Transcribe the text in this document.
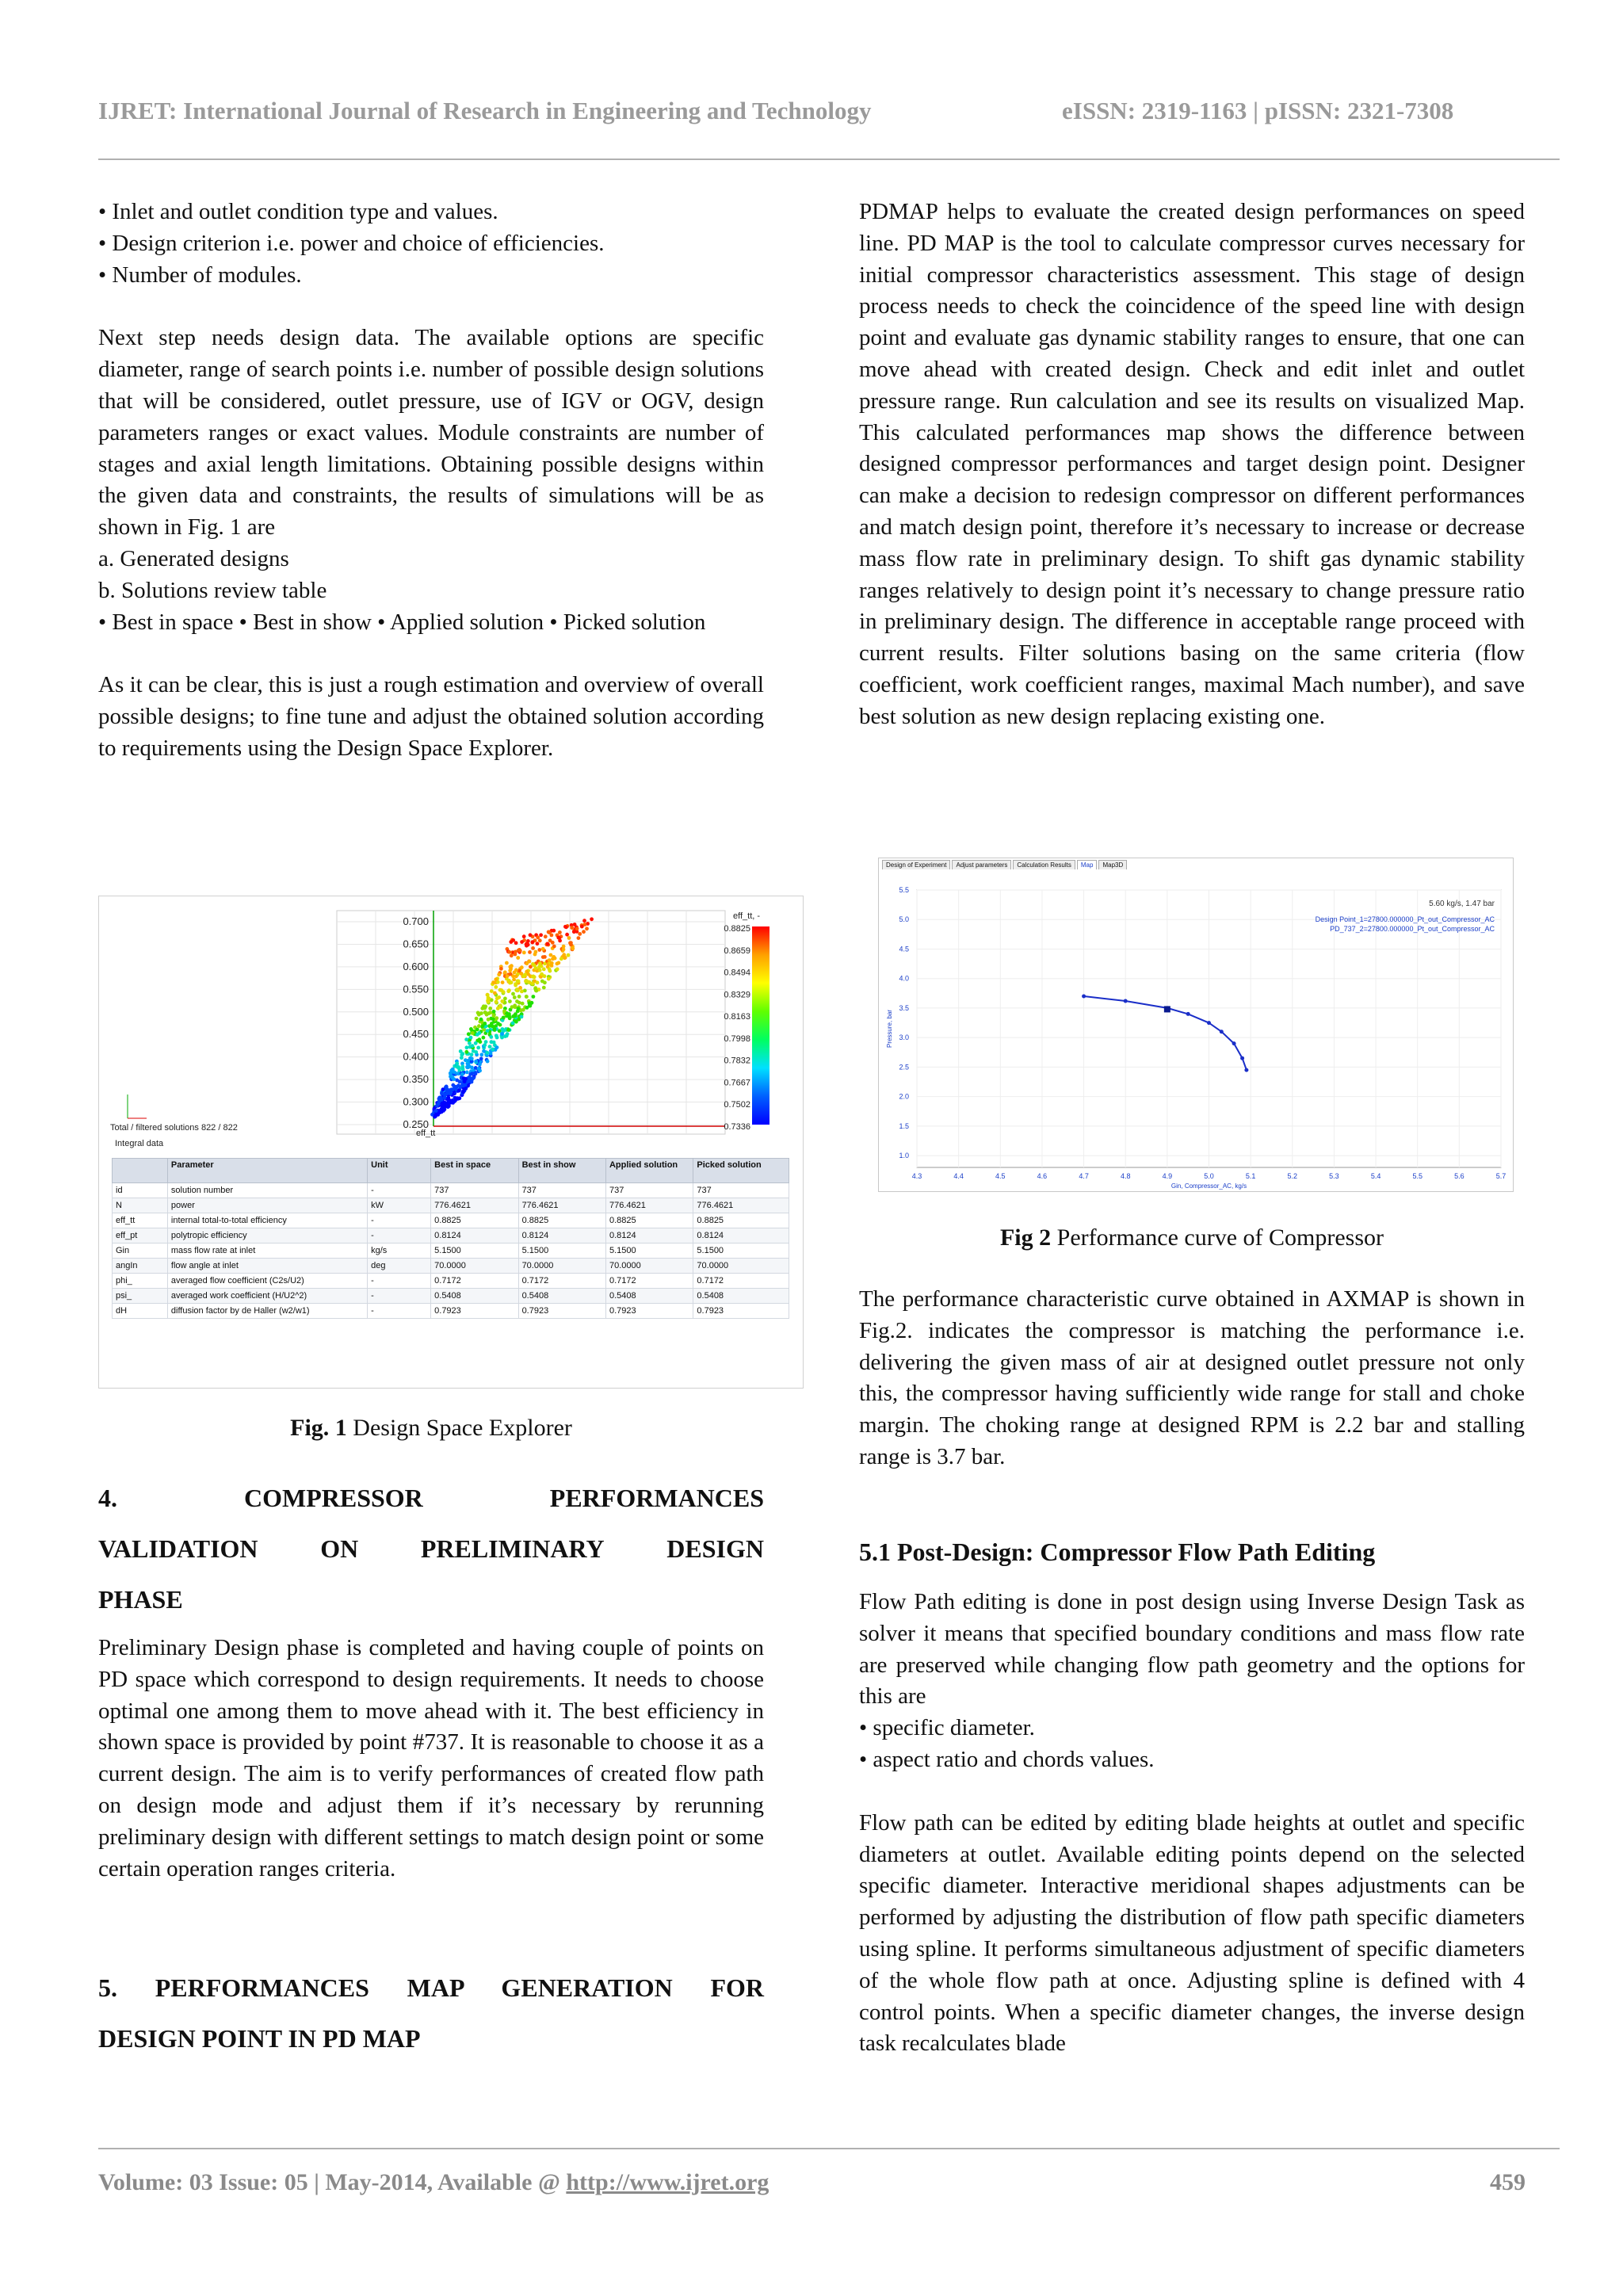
IJRET: International Journal of Research in Engineering and Technology	eISSN: 2319-1163 | pISSN: 2321-7308

• Inlet and outlet condition type and values.

• Design criterion i.e. power and choice of efficiencies.

• Number of modules.

Next step needs design data. The available options are specific diameter, range of search points i.e. number of possible design solutions that will be considered, outlet pressure, use of IGV or OGV, design parameters ranges or exact values. Module constraints are number of stages and axial length limitations. Obtaining possible designs within the given data and constraints, the results of simulations will be as shown in Fig. 1 are

a. Generated designs

b. Solutions review table

• Best in space • Best in show • Applied solution • Picked solution

As it can be clear, this is just a rough estimation and overview of overall possible designs; to fine tune and adjust the obtained solution according to requirements using the Design Space Explorer.

0.700
0.650
0.600
0.550
0.500
0.450
0.400
0.350
0.300
0.250
eff_tt
eff_tt, -
0.8825
0.8659
0.8494
0.8329
0.8163
0.7998
0.7832
0.7667
0.7502
0.7336
Total / filtered solutions 822 / 822
Integral data
	Parameter	Unit	Best in space	Best in show	Applied solution	Picked solution
id	solution number	-	737	737	737	737
N	power	kW	776.4621	776.4621	776.4621	776.4621
eff_tt	internal total-to-total efficiency	-	0.8825	0.8825	0.8825	0.8825
eff_pt	polytropic efficiency	-	0.8124	0.8124	0.8124	0.8124
Gin	mass flow rate at inlet	kg/s	5.1500	5.1500	5.1500	5.1500
angIn	flow angle at inlet	deg	70.0000	70.0000	70.0000	70.0000
phi_	averaged flow coefficient (C2s/U2)	-	0.7172	0.7172	0.7172	0.7172
psi_	averaged work coefficient (H/U2^2)	-	0.5408	0.5408	0.5408	0.5408
dH	diffusion factor by de Haller (w2/w1)	-	0.7923	0.7923	0.7923	0.7923
Fig. 1 Design Space Explorer
4.	COMPRESSOR	PERFORMANCES
VALIDATION ON PRELIMINARY DESIGN
PHASE

Preliminary Design phase is completed and having couple of points on PD space which correspond to design requirements. It needs to choose optimal one among them to move ahead with it. The best efficiency in shown space is provided by point #737. It is reasonable to choose it as a current design. The aim is to verify performances of created flow path on design mode and adjust them if it’s necessary by rerunning preliminary design with different settings to match design point or some certain operation ranges criteria.

5. PERFORMANCES MAP GENERATION FOR
DESIGN POINT IN PD MAP

PDMAP helps to evaluate the created design performances on speed line. PD MAP is the tool to calculate compressor curves necessary for initial compressor characteristics assessment. This stage of design process needs to check the coincidence of the speed line with design point and evaluate gas dynamic stability ranges to ensure, that one can move ahead with created design. Check and edit inlet and outlet pressure range. Run calculation and see its results on visualized Map. This calculated performances map shows the difference between designed compressor performances and target design point. Designer can make a decision to redesign compressor on different performances and match design point, therefore it’s necessary to increase or decrease mass flow rate in preliminary design. To shift gas dynamic stability ranges relatively to design point it’s necessary to change pressure ratio in preliminary design. The difference in acceptable range proceed with current results. Filter solutions basing on the same criteria (flow coefficient, work coefficient ranges, maximal Mach number), and save best solution as new design replacing existing one.

Design of Experiment	Adjust parameters	Calculation Results	Map	Map3D
4.3	4.4	4.5	4.6	4.7	4.8	4.9	5.0	5.1	5.2	5.3	5.4	5.5	5.6	5.7
5.5
5.0
4.5
4.0
3.5
3.0
2.5
2.0
1.5
1.0
Gin, Compressor_AC, kg/s
Pressure, bar
5.60 kg/s, 1.47 bar
Design Point_1=27800.000000_Pt_out_Compressor_AC
PD_737_2=27800.000000_Pt_out_Compressor_AC
Fig 2 Performance curve of Compressor

The performance characteristic curve obtained in AXMAP is shown in Fig.2. indicates the compressor is matching the performance i.e. delivering the given mass of air at designed outlet pressure not only this, the compressor having sufficiently wide range for stall and choke margin. The choking range at designed RPM is 2.2 bar and stalling range is 3.7 bar.

5.1 Post-Design: Compressor Flow Path Editing

Flow Path editing is done in post design using Inverse Design Task as solver it means that specified boundary conditions and mass flow rate are preserved while changing flow path geometry and the options for this are

• specific diameter.

• aspect ratio and chords values.

Flow path can be edited by editing blade heights at outlet and specific diameters at outlet. Available editing points depend on the selected specific diameter. Interactive meridional shapes adjustments can be performed by adjusting the distribution of flow path specific diameters using spline. It performs simultaneous adjustment of specific diameters of the whole flow path at once. Adjusting spline is defined with 4 control points. When a specific diameter changes, the inverse design task recalculates blade

Volume: 03 Issue: 05 | May-2014, Available @ http://www.ijret.org	459
